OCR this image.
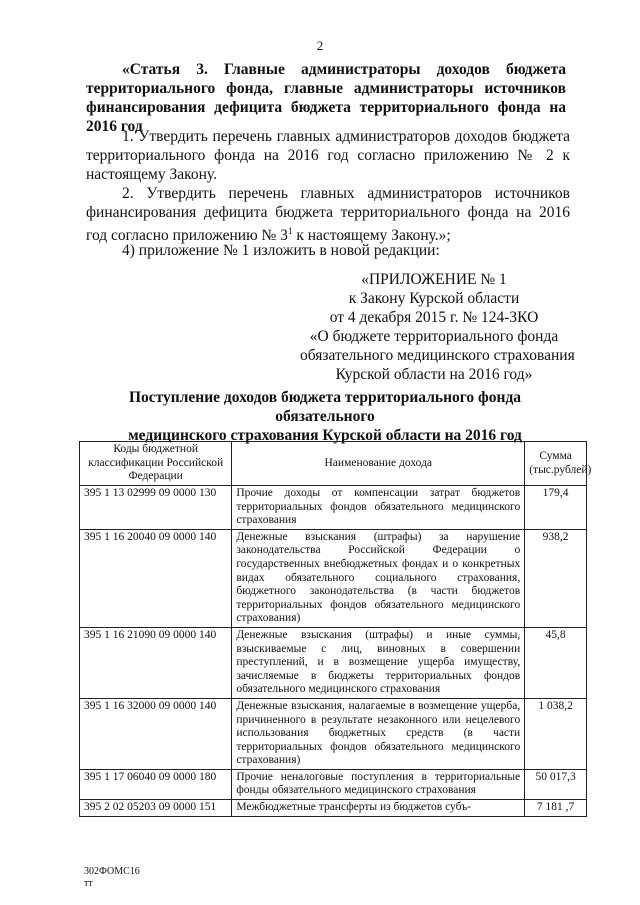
2

«Статья 3. Главные администраторы доходов бюджета территориального фонда, главные администраторы источников финансирования дефицита бюджета территориального фонда на 2016 год

1. Утвердить перечень главных администраторов доходов бюджета территориального фонда на 2016 год согласно приложению № 2 к настоящему Закону.

2. Утвердить перечень главных администраторов источников финансирования дефицита бюджета территориального фонда на 2016 год согласно приложению № $3^1$ к настоящему Закону.»;

4) приложение № 1 изложить в новой редакции:

«ПРИЛОЖЕНИЕ № 1
к Закону Курской области
от 4 декабря 2015 г. № 124-ЗКО
«О бюджете территориального фонда
обязательного медицинского страхования
Курской области на 2016 год»
Поступление доходов бюджета территориального фонда обязательного
медицинского страхования Курской области на 2016 год
Коды бюджетной классификации Российской Федерации	Наименование дохода	Сумма (тыс.рублей)
395 1 13 02999 09 0000 130	Прочие доходы от компенсации затрат бюджетов территориальных фондов обязательного медицинского страхования	179,4
395 1 16 20040 09 0000 140	Денежные взыскания (штрафы) за нарушение законодательства Российской Федерации о государственных внебюджетных фондах и о конкретных видах обязательного социального страхования, бюджетного законодательства (в части бюджетов территориальных фондов обязательного медицинского страхования)	938,2
395 1 16 21090 09 0000 140	Денежные взыскания (штрафы) и иные суммы, взыскиваемые с лиц, виновных в совершении преступлений, и в возмещение ущерба имуществу, зачисляемые в бюджеты территориальных фондов обязательного медицинского страхования	45,8
395 1 16 32000 09 0000 140	Денежные взыскания, налагаемые в возмещение ущерба, причиненного в результате незаконного или нецелевого использования бюджетных средств (в части территориальных фондов обязательного медицинского страхования)	1 038,2
395 1 17 06040 09 0000 180	Прочие неналоговые поступления в территориальные фонды обязательного медицинского страхования	50 017,3
395 2 02 05203 09 0000 151	Межбюджетные трансферты из бюджетов субъ-	7 181 ,7
302ФОМС16
тт
